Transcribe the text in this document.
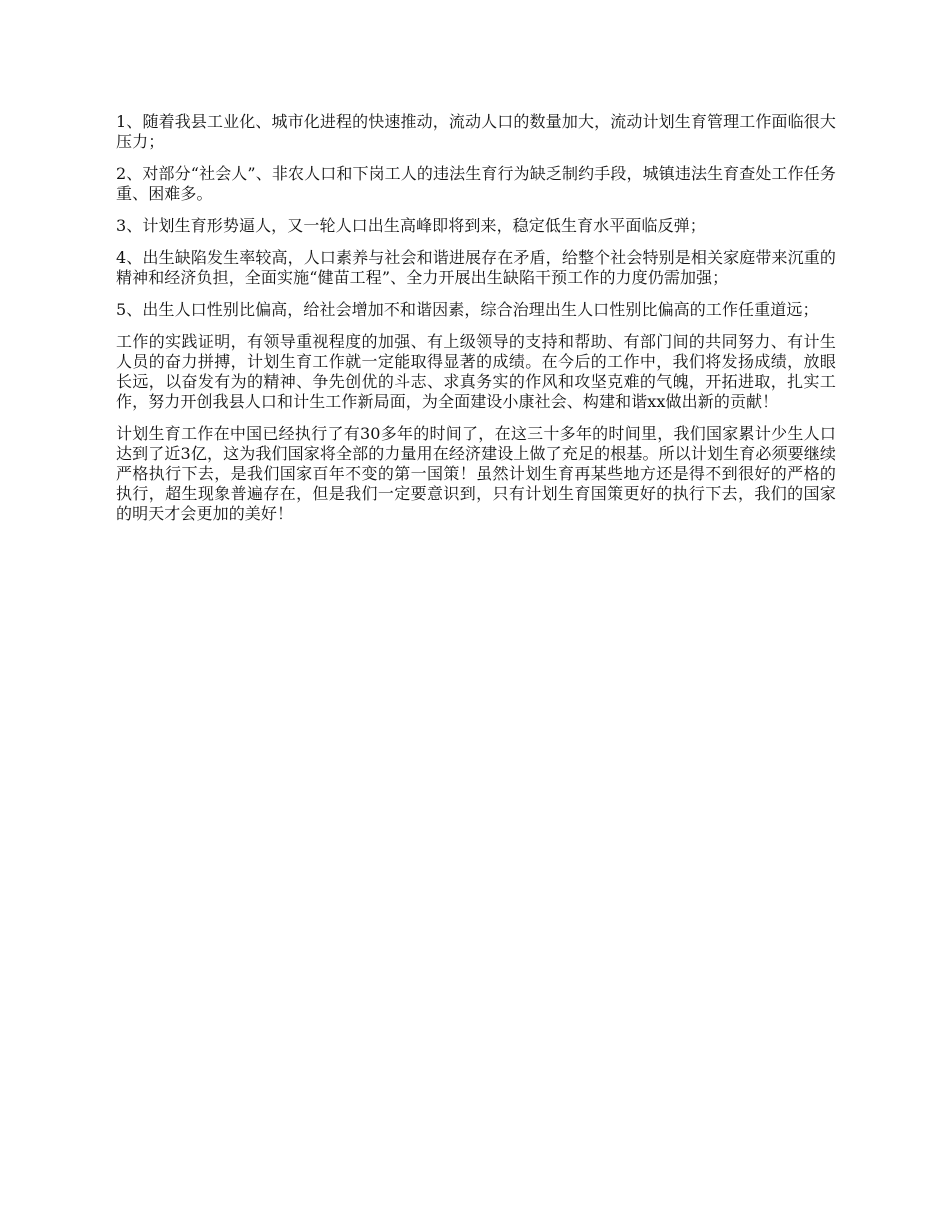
1、随着我县工业化、城市化进程的快速推动，流动人口的数量加大，流动计划生育管理工作面临很大压力；

2、对部分“社会人”、非农人口和下岗工人的违法生育行为缺乏制约手段，城镇违法生育查处工作任务重、困难多。

3、计划生育形势逼人，又一轮人口出生高峰即将到来，稳定低生育水平面临反弹；

4、出生缺陷发生率较高，人口素养与社会和谐进展存在矛盾，给整个社会特别是相关家庭带来沉重的精神和经济负担，全面实施“健苗工程”、全力开展出生缺陷干预工作的力度仍需加强；

5、出生人口性别比偏高，给社会增加不和谐因素，综合治理出生人口性别比偏高的工作任重道远；

工作的实践证明，有领导重视程度的加强、有上级领导的支持和帮助、有部门间的共同努力、有计生人员的奋力拼搏，计划生育工作就一定能取得显著的成绩。在今后的工作中，我们将发扬成绩，放眼长远，以奋发有为的精神、争先创优的斗志、求真务实的作风和攻坚克难的气魄，开拓进取，扎实工作，努力开创我县人口和计生工作新局面，为全面建设小康社会、构建和谐xx做出新的贡献！

计划生育工作在中国已经执行了有30多年的时间了，在这三十多年的时间里，我们国家累计少生人口达到了近3亿，这为我们国家将全部的力量用在经济建设上做了充足的根基。所以计划生育必须要继续严格执行下去，是我们国家百年不变的第一国策！虽然计划生育再某些地方还是得不到很好的严格的执行，超生现象普遍存在，但是我们一定要意识到，只有计划生育国策更好的执行下去，我们的国家的明天才会更加的美好！
